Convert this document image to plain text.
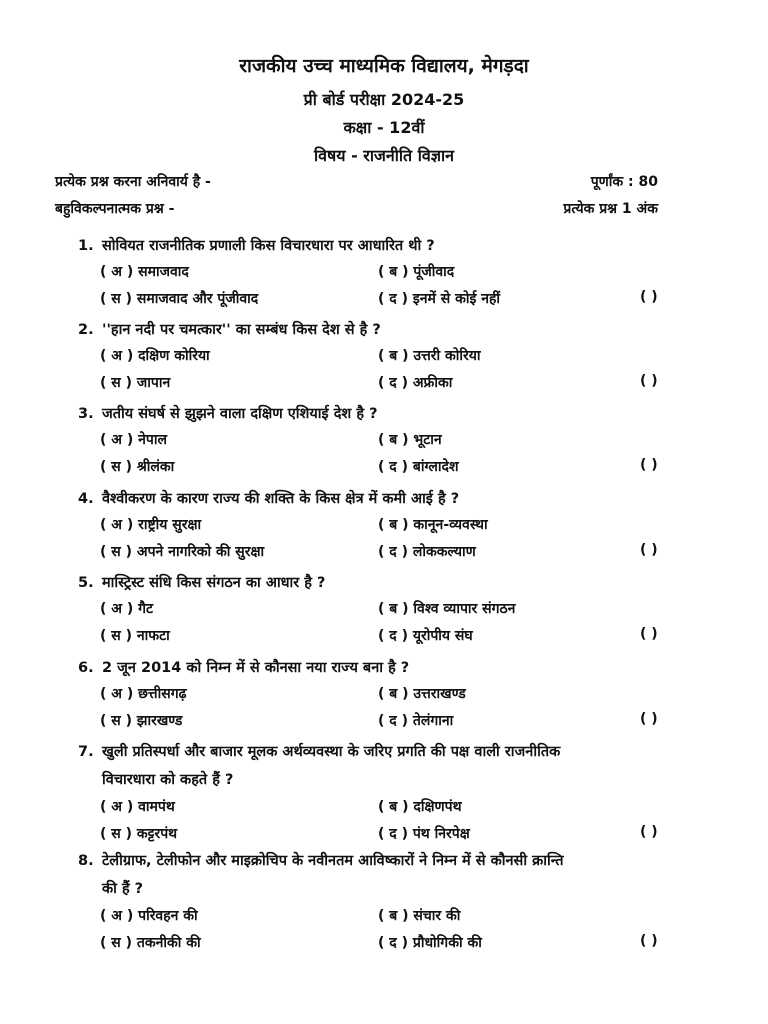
राजकीय उच्च माध्यमिक विद्यालय, मेगड़दा
प्री बोर्ड परीक्षा 2024-25
कक्षा - 12वीं
विषय - राजनीति विज्ञान
प्रत्येक प्रश्न करना अनिवार्य है -	पूर्णांक : 80
बहुविकल्पनात्मक प्रश्न -	प्रत्येक प्रश्न 1 अंक
1. सोवियत राजनीतिक प्रणाली किस विचारधारा पर आधारित थी ?
( अ ) समाजवाद	( ब ) पूंजीवाद
( स ) समाजवाद और पूंजीवाद	( द ) इनमें से कोई नहीं	( )
2. ''हान नदी पर चमत्कार'' का सम्बंध किस देश से है ?
( अ ) दक्षिण कोरिया	( ब ) उत्तरी कोरिया
( स ) जापान	( द ) अफ्रीका	( )
3. जतीय संघर्ष से झुझने वाला दक्षिण एशियाई देश है ?
( अ ) नेपाल	( ब ) भूटान
( स ) श्रीलंका	( द ) बांग्लादेश	( )
4. वैश्वीकरण के कारण राज्य की शक्ति के किस क्षेत्र में कमी आई है ?
( अ ) राष्ट्रीय सुरक्षा	( ब ) कानून-व्यवस्था
( स ) अपने नागरिको की सुरक्षा	( द ) लोककल्याण	( )
5. मास्ट्रिस्ट संधि किस संगठन का आधार है ?
( अ ) गैट	( ब ) विश्व व्यापार संगठन
( स ) नाफटा	( द ) यूरोपीय संघ	( )
6. 2 जून 2014 को निम्न में से कौनसा नया राज्य बना है ?
( अ ) छत्तीसगढ़	( ब ) उत्तराखण्ड
( स ) झारखण्ड	( द ) तेलंगाना	( )
7. खुली प्रतिस्पर्धा और बाजार मूलक अर्थव्यवस्था के जरिए प्रगति की पक्ष वाली राजनीतिक
विचारधारा को कहते हैं ?
( अ ) वामपंथ	( ब ) दक्षिणपंथ
( स ) कट्टरपंथ	( द ) पंथ निरपेक्ष	( )
8. टेलीग्राफ, टेलीफोन और माइक्रोचिप के नवीनतम आविष्कारों ने निम्न में से कौनसी क्रान्ति
की हैं ?
( अ ) परिवहन की	( ब ) संचार की
( स ) तकनीकी की	( द ) प्रौधोगिकी की	( )
